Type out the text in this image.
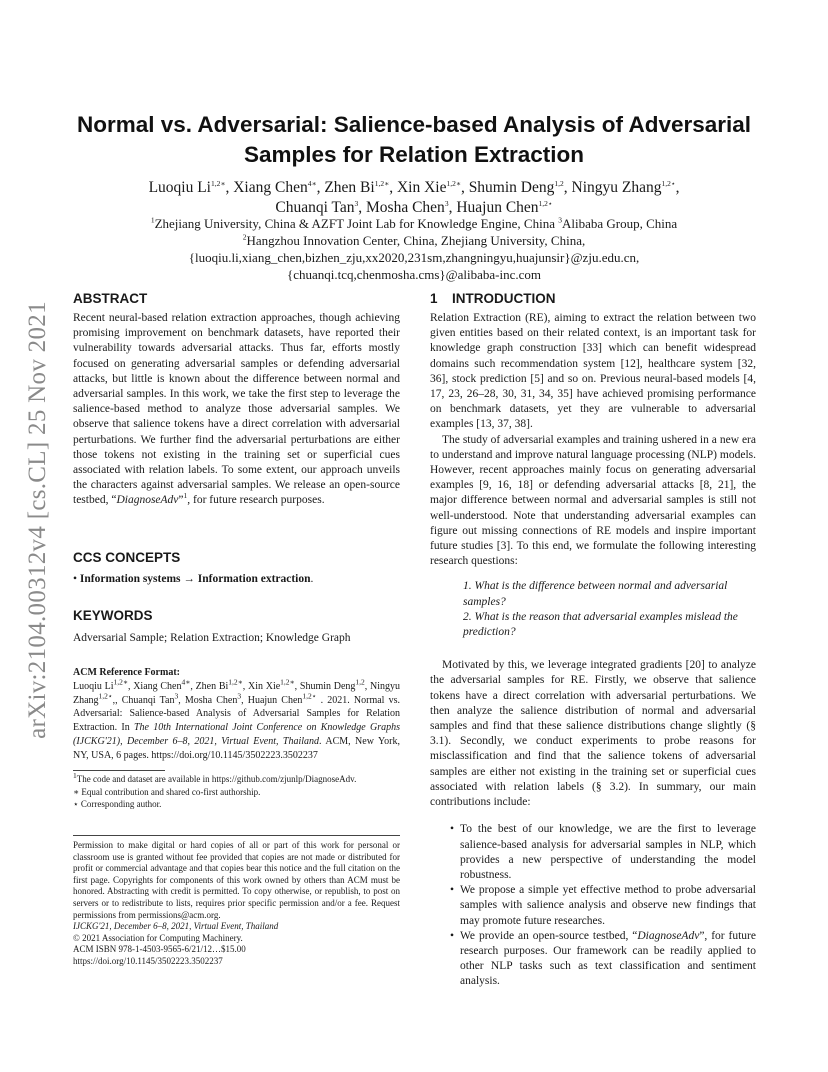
arXiv:2104.00312v4 [cs.CL] 25 Nov 2021
Normal vs. Adversarial: Salience-based Analysis of Adversarial
Samples for Relation Extraction
Luoqiu $Li^{1,2∗}$, Xiang Chen$^{4∗}$, Zhen $Bi^{1,2∗}$, Xin Xie$^{1,2∗}$, Shumin Deng$^{1,2}$, Ningyu Zhang$^{1,2⋆}$,
Chuanqi Tan$^3$, Mosha Chen$^3$, Huajun Chen$^{1,2⋆}$
$^1$Zhejiang University, China & AZFT Joint Lab for Knowledge Engine, China $^3$Alibaba Group, China
$^2$Hangzhou Innovation Center, China, Zhejiang University, China,
{luoqiu.li,xiang_chen,bizhen_zju,xx2020,231sm,zhangningyu,huajunsir}@zju.edu.cn,
{chuanqi.tcq,chenmosha.cms}@alibaba-inc.com
ABSTRACT

Recent neural-based relation extraction approaches, though achieving promising improvement on benchmark datasets, have reported their vulnerability towards adversarial attacks. Thus far, efforts mostly focused on generating adversarial samples or defending adversarial attacks, but little is known about the difference between normal and adversarial samples. In this work, we take the first step to leverage the salience-based method to analyze those adversarial samples. We observe that salience tokens have a direct correlation with adversarial perturbations. We further find the adversarial perturbations are either those tokens not existing in the training set or superficial cues associated with relation labels. To some extent, our approach unveils the characters against adversarial samples. We release an open-source testbed, “DiagnoseAdv”$^1$, for future research purposes.

CCS CONCEPTS
• Information systems → Information extraction.
KEYWORDS
Adversarial Sample; Relation Extraction; Knowledge Graph
ACM Reference Format:
Luoqiu $Li^{1,2∗}$, Xiang Chen$^{4∗}$, Zhen $Bi^{1,2∗}$, Xin Xie$^{1,2∗}$, Shumin Deng$^{1,2}$, Ningyu Zhang$^{1,2⋆}$,, Chuanqi Tan$^3$, Mosha Chen$^3$, Huajun Chen$^{1,2⋆}$ . 2021. Normal vs. Adversarial: Salience-based Analysis of Adversarial Samples for Relation Extraction. In The 10th International Joint Conference on Knowledge Graphs (IJCKG'21), December 6–8, 2021, Virtual Event, Thailand. ACM, New York, NY, USA, 6 pages. https://doi.org/10.1145/3502223.3502237
$^1$The code and dataset are available in https://github.com/zjunlp/DiagnoseAdv.
∗ Equal contribution and shared co-first authorship.
⋆ Corresponding author.
Permission to make digital or hard copies of all or part of this work for personal or classroom use is granted without fee provided that copies are not made or distributed for profit or commercial advantage and that copies bear this notice and the full citation on the first page. Copyrights for components of this work owned by others than ACM must be honored. Abstracting with credit is permitted. To copy otherwise, or republish, to post on servers or to redistribute to lists, requires prior specific permission and/or a fee. Request permissions from permissions@acm.org.
IJCKG'21, December 6–8, 2021, Virtual Event, Thailand
© 2021 Association for Computing Machinery.
ACM ISBN 978-1-4503-9565-6/21/12…$15.00
https://doi.org/10.1145/3502223.3502237
1 INTRODUCTION

Relation Extraction (RE), aiming to extract the relation between two given entities based on their related context, is an important task for knowledge graph construction [33] which can benefit widespread domains such recommendation system [12], healthcare system [32, 36], stock prediction [5] and so on. Previous neural-based models [4, 17, 23, 26–28, 30, 31, 34, 35] have achieved promising performance on benchmark datasets, yet they are vulnerable to adversarial examples [13, 37, 38].

The study of adversarial examples and training ushered in a new era to understand and improve natural language processing (NLP) models. However, recent approaches mainly focus on generating adversarial examples [9, 16, 18] or defending adversarial attacks [8, 21], the major difference between normal and adversarial samples is still not well-understood. Note that understanding adversarial examples can figure out missing connections of RE models and inspire important future studies [3]. To this end, we formulate the following interesting research questions:

1. What is the difference between normal and adversarial samples?
2. What is the reason that adversarial examples mislead the prediction?

Motivated by this, we leverage integrated gradients [20] to analyze the adversarial samples for RE. Firstly, we observe that salience tokens have a direct correlation with adversarial perturbations. We then analyze the salience distribution of normal and adversarial samples and find that these salience distributions change slightly (§ 3.1). Secondly, we conduct experiments to probe reasons for misclassification and find that the salience tokens of adversarial samples are either not existing in the training set or superficial cues associated with relation labels (§ 3.2). In summary, our main contributions include:

• To the best of our knowledge, we are the first to leverage salience-based analysis for adversarial samples in NLP, which provides a new perspective of understanding the model robustness.
• We propose a simple yet effective method to probe adversarial samples with salience analysis and observe new findings that may promote future researches.
• We provide an open-source testbed, “DiagnoseAdv”, for future research purposes. Our framework can be readily applied to other NLP tasks such as text classification and sentiment analysis.
